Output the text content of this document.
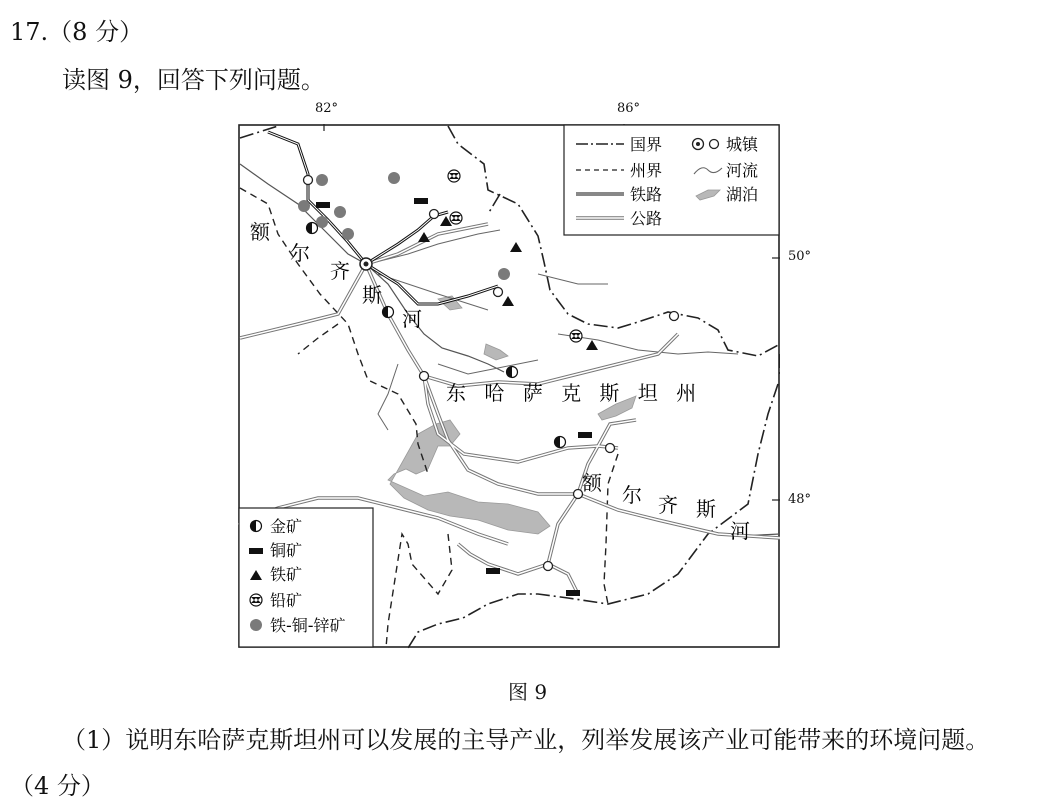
17.（8 分）
读图 9，回答下列问题。
82°	86°
50°
48°
额
尔
齐
斯
河
东 哈 萨 克 斯 坦 州
额 尔 齐 斯
河
国界
州界
铁路
公路
城镇
河流
湖泊
金矿
铜矿
铁矿
铅矿
铁-铜-锌矿
图 9
（1）说明东哈萨克斯坦州可以发展的主导产业，列举发展该产业可能带来的环境问题。
（4 分）
